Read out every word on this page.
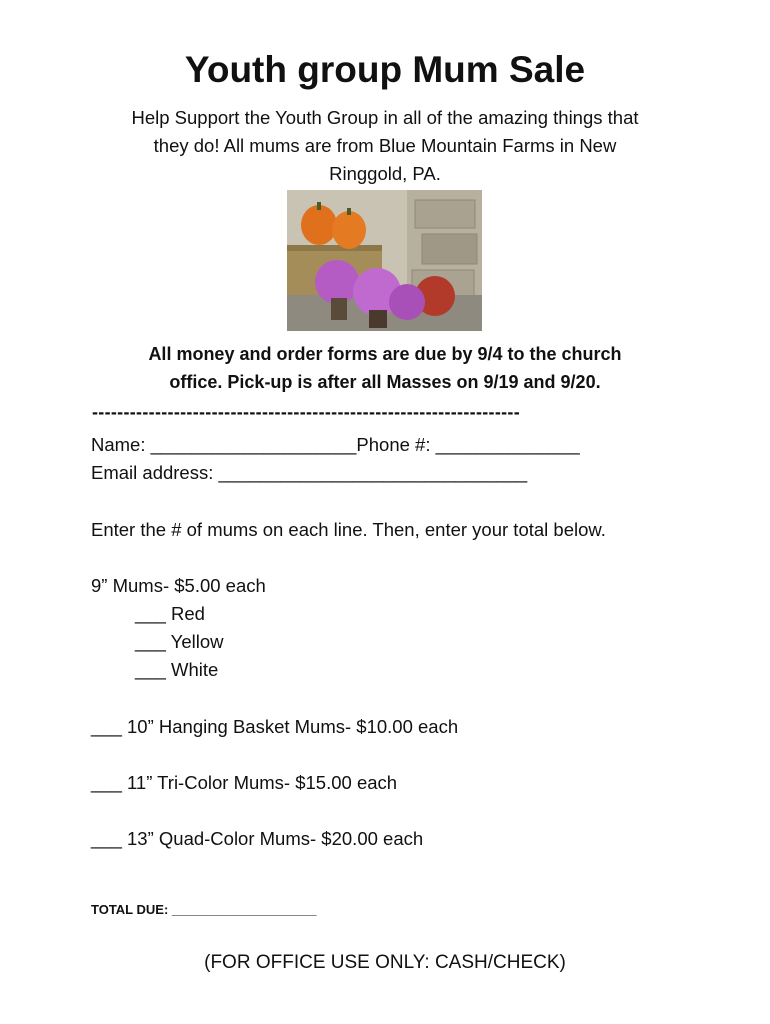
Youth group Mum Sale
Help Support the Youth Group in all of the amazing things that
they do! All mums are from Blue Mountain Farms in New
Ringgold, PA.
All money and order forms are due by 9/4 to the church
office. Pick-up is after all Masses on 9/19 and 9/20.
--------------------------------------------------------------------
Name: ____________________Phone #: ______________
Email address: ______________________________
Enter the # of mums on each line. Then, enter your total below.
9” Mums- $5.00 each
___ Red
___ Yellow
___ White
___ 10” Hanging Basket Mums- $10.00 each
___ 11” Tri-Color Mums- $15.00 each
___ 13” Quad-Color Mums- $20.00 each
TOTAL DUE: ____________________
(FOR OFFICE USE ONLY: CASH/CHECK)
